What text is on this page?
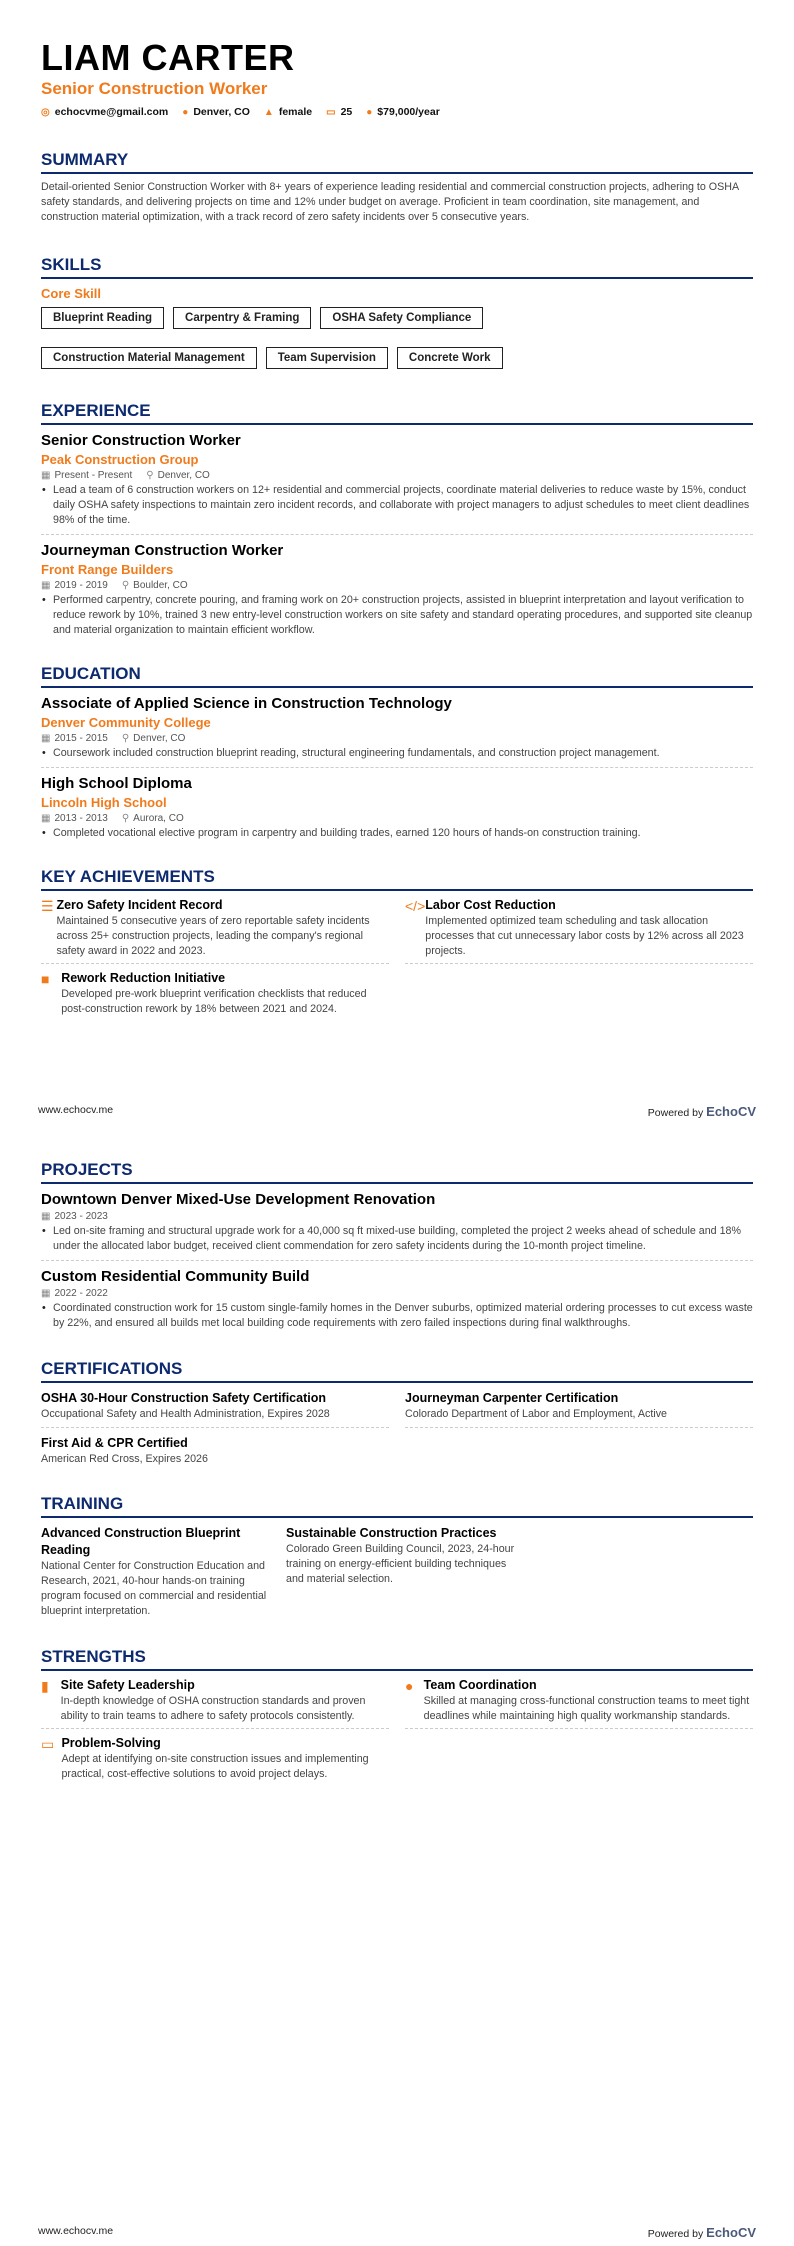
LIAM CARTER
Senior Construction Worker
◎ echocvme@gmail.com ● Denver, CO ▲ female ▭ 25 ● $79,000/year
SUMMARY
Detail-oriented Senior Construction Worker with 8+ years of experience leading residential and commercial construction projects, adhering to OSHA safety standards, and delivering projects on time and 12% under budget on average. Proficient in team coordination, site management, and construction material optimization, with a track record of zero safety incidents over 5 consecutive years.
SKILLS
Core Skill
Blueprint Reading	Carpentry & Framing	OSHA Safety Compliance
Construction Material Management	Team Supervision	Concrete Work
EXPERIENCE
Senior Construction Worker
Peak Construction Group
▦ Present - Present ⚲ Denver, CO
• Lead a team of 6 construction workers on 12+ residential and commercial projects, coordinate material deliveries to reduce waste by 15%, conduct daily OSHA safety inspections to maintain zero incident records, and collaborate with project managers to adjust schedules to meet client deadlines 98% of the time.
Journeyman Construction Worker
Front Range Builders
▦ 2019 - 2019 ⚲ Boulder, CO
• Performed carpentry, concrete pouring, and framing work on 20+ construction projects, assisted in blueprint interpretation and layout verification to reduce rework by 10%, trained 3 new entry-level construction workers on site safety and standard operating procedures, and supported site cleanup and material organization to maintain efficient workflow.
EDUCATION
Associate of Applied Science in Construction Technology
Denver Community College
▦ 2015 - 2015 ⚲ Denver, CO
• Coursework included construction blueprint reading, structural engineering fundamentals, and construction project management.
High School Diploma
Lincoln High School
▦ 2013 - 2013 ⚲ Aurora, CO
• Completed vocational elective program in carpentry and building trades, earned 120 hours of hands-on construction training.
KEY ACHIEVEMENTS
☰ Zero Safety Incident Record
Maintained 5 consecutive years of zero reportable safety incidents across 25+ construction projects, leading the company's regional safety award in 2022 and 2023.
</> Labor Cost Reduction
Implemented optimized team scheduling and task allocation processes that cut unnecessary labor costs by 12% across all 2023 projects.
■ Rework Reduction Initiative
Developed pre-work blueprint verification checklists that reduced post-construction rework by 18% between 2021 and 2024.
www.echocv.me	Powered by EchoCV
PROJECTS
Downtown Denver Mixed-Use Development Renovation
▦ 2023 - 2023
• Led on-site framing and structural upgrade work for a 40,000 sq ft mixed-use building, completed the project 2 weeks ahead of schedule and 18% under the allocated labor budget, received client commendation for zero safety incidents during the 10-month project timeline.
Custom Residential Community Build
▦ 2022 - 2022
• Coordinated construction work for 15 custom single-family homes in the Denver suburbs, optimized material ordering processes to cut excess waste by 22%, and ensured all builds met local building code requirements with zero failed inspections during final walkthroughs.
CERTIFICATIONS
OSHA 30-Hour Construction Safety Certification
Occupational Safety and Health Administration, Expires 2028
Journeyman Carpenter Certification
Colorado Department of Labor and Employment, Active
First Aid & CPR Certified
American Red Cross, Expires 2026
TRAINING
Advanced Construction Blueprint Reading
National Center for Construction Education and Research, 2021, 40-hour hands-on training program focused on commercial and residential blueprint interpretation.
Sustainable Construction Practices
Colorado Green Building Council, 2023, 24-hour training on energy-efficient building techniques and material selection.
STRENGTHS
▮ Site Safety Leadership
In-depth knowledge of OSHA construction standards and proven ability to train teams to adhere to safety protocols consistently.
● Team Coordination
Skilled at managing cross-functional construction teams to meet tight deadlines while maintaining high quality workmanship standards.
▭ Problem-Solving
Adept at identifying on-site construction issues and implementing practical, cost-effective solutions to avoid project delays.
www.echocv.me	Powered by EchoCV
